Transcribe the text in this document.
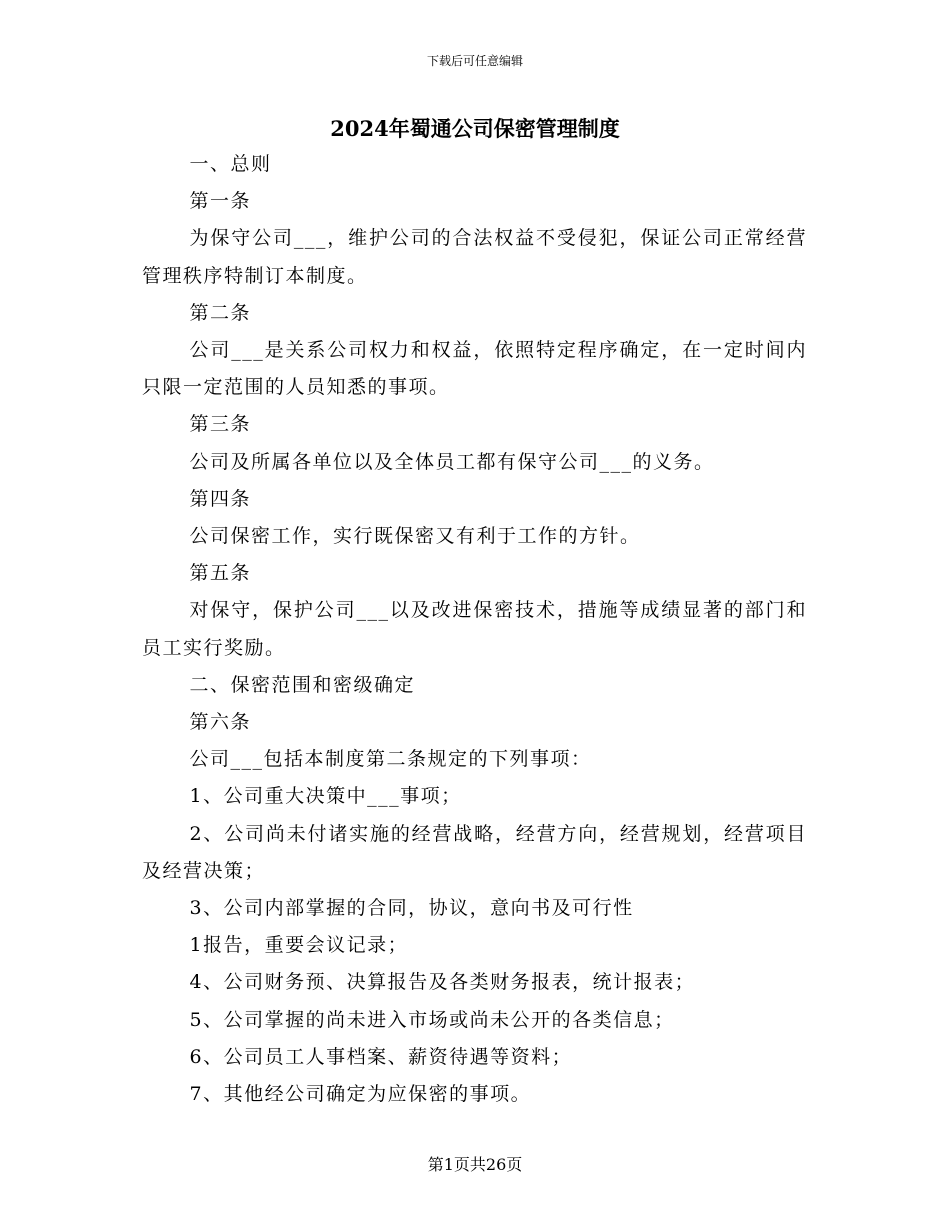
下载后可任意编辑
2024年蜀通公司保密管理制度

一、总则

第一条

为保守公司___，维护公司的合法权益不受侵犯，保证公司正常经营管理秩序特制订本制度。

第二条

公司___是关系公司权力和权益，依照特定程序确定，在一定时间内只限一定范围的人员知悉的事项。

第三条

公司及所属各单位以及全体员工都有保守公司___的义务。

第四条

公司保密工作，实行既保密又有利于工作的方针。

第五条

对保守，保护公司___以及改进保密技术，措施等成绩显著的部门和员工实行奖励。

二、保密范围和密级确定

第六条

公司___包括本制度第二条规定的下列事项：

1、公司重大决策中___事项；

2、公司尚未付诸实施的经营战略，经营方向，经营规划，经营项目及经营决策；

3、公司内部掌握的合同，协议，意向书及可行性

1报告，重要会议记录；

4、公司财务预、决算报告及各类财务报表，统计报表；

5、公司掌握的尚未进入市场或尚未公开的各类信息；

6、公司员工人事档案、薪资待遇等资料；

7、其他经公司确定为应保密的事项。

第1页共26页
